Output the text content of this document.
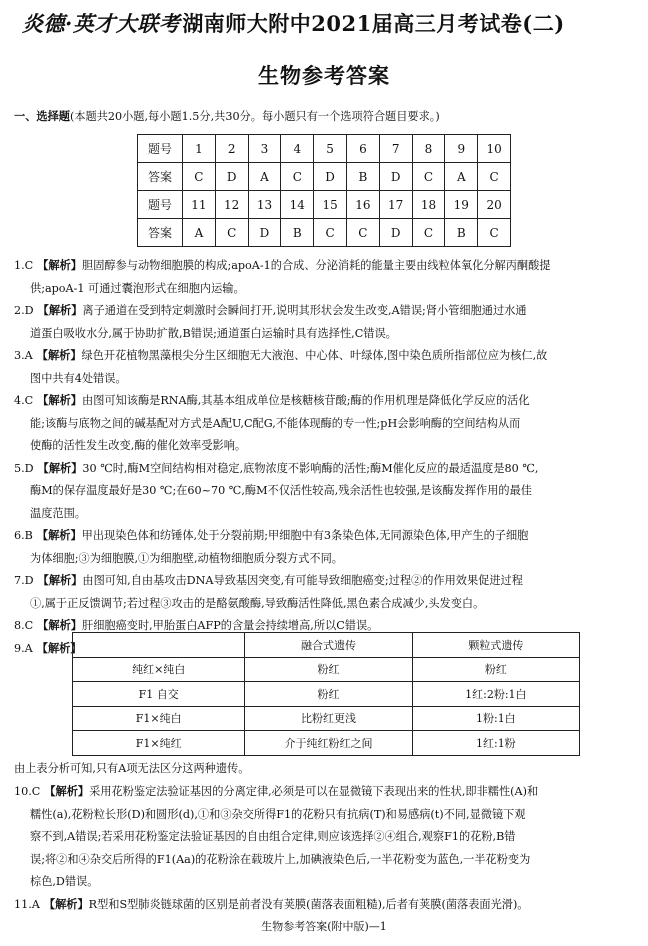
炎德·英才大联考湖南师大附中2021届高三月考试卷(二)
生物参考答案
一、选择题(本题共20小题,每小题1.5分,共30分。每小题只有一个选项符合题目要求。)
题号	1	2	3	4	5	6	7	8	9	10
答案	C	D	A	C	D	B	D	C	A	C
题号	11	12	13	14	15	16	17	18	19	20
答案	A	C	D	B	C	C	D	C	B	C
1.C 【解析】胆固醇参与动物细胞膜的构成;apoA-1的合成、分泌消耗的能量主要由线粒体氧化分解丙酮酸提
供;apoA-1 可通过囊泡形式在细胞内运输。
2.D 【解析】离子通道在受到特定刺激时会瞬间打开,说明其形状会发生改变,A错误;肾小管细胞通过水通
道蛋白吸收水分,属于协助扩散,B错误;通道蛋白运输时具有选择性,C错误。
3.A 【解析】绿色开花植物黑藻根尖分生区细胞无大液泡、中心体、叶绿体,图中染色质所指部位应为核仁,故
图中共有4处错误。
4.C 【解析】由图可知该酶是RNA酶,其基本组成单位是核糖核苷酸;酶的作用机理是降低化学反应的活化
能;该酶与底物之间的碱基配对方式是A配U,C配G,不能体现酶的专一性;pH会影响酶的空间结构从而
使酶的活性发生改变,酶的催化效率受影响。
5.D 【解析】30 ℃时,酶M空间结构相对稳定,底物浓度不影响酶的活性;酶M催化反应的最适温度是80 ℃,
酶M的保存温度最好是30 ℃;在60~70 ℃,酶M不仅活性较高,残余活性也较强,是该酶发挥作用的最佳
温度范围。
6.B 【解析】甲出现染色体和纺锤体,处于分裂前期;甲细胞中有3条染色体,无同源染色体,甲产生的子细胞
为体细胞;③为细胞膜,①为细胞壁,动植物细胞质分裂方式不同。
7.D 【解析】由图可知,自由基攻击DNA导致基因突变,有可能导致细胞癌变;过程②的作用效果促进过程
①,属于正反馈调节;若过程③攻击的是酪氨酸酶,导致酶活性降低,黑色素合成减少,头发变白。
8.C 【解析】肝细胞癌变时,甲胎蛋白AFP的含量会持续增高,所以C错误。
9.A 【解析】
		融合式遗传	颗粒式遗传
纯红×纯白	粉红	粉红
F1 自交	粉红	1红:2粉:1白
F1×纯白	比粉红更浅	1粉:1白
F1×纯红	介于纯红粉红之间	1红:1粉
由上表分析可知,只有A项无法区分这两种遗传。
10.C 【解析】采用花粉鉴定法验证基因的分离定律,必须是可以在显微镜下表现出来的性状,即非糯性(A)和
糯性(a),花粉粒长形(D)和圆形(d),①和③杂交所得F1的花粉只有抗病(T)和易感病(t)不同,显微镜下观
察不到,A错误;若采用花粉鉴定法验证基因的自由组合定律,则应该选择②④组合,观察F1的花粉,B错
误;将②和④杂交后所得的F1(Aa)的花粉涂在载玻片上,加碘液染色后,一半花粉变为蓝色,一半花粉变为
棕色,D错误。
11.A 【解析】R型和S型肺炎链球菌的区别是前者没有荚膜(菌落表面粗糙),后者有荚膜(菌落表面光滑)。
生物参考答案(附中版)—1
